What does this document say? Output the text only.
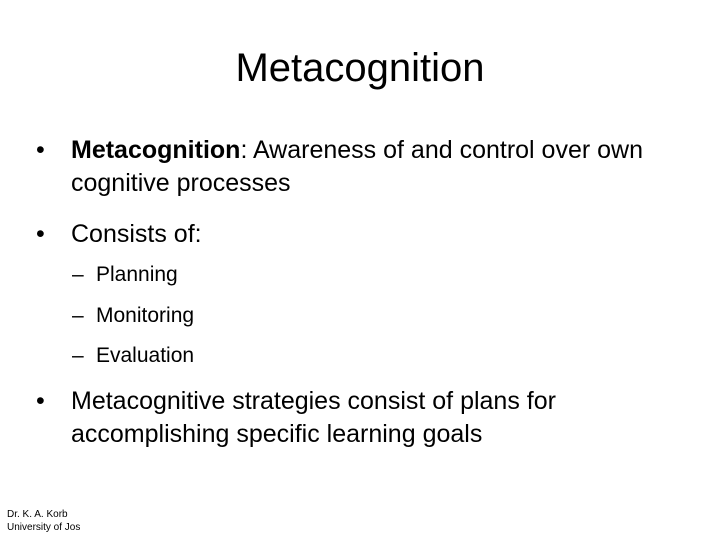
Metacognition
•	Metacognition: Awareness of and control over own cognitive processes
•	Consists of:
– Planning
– Monitoring
– Evaluation
•	Metacognitive strategies consist of plans for accomplishing specific learning goals
Dr. K. A. Korb
University of Jos
